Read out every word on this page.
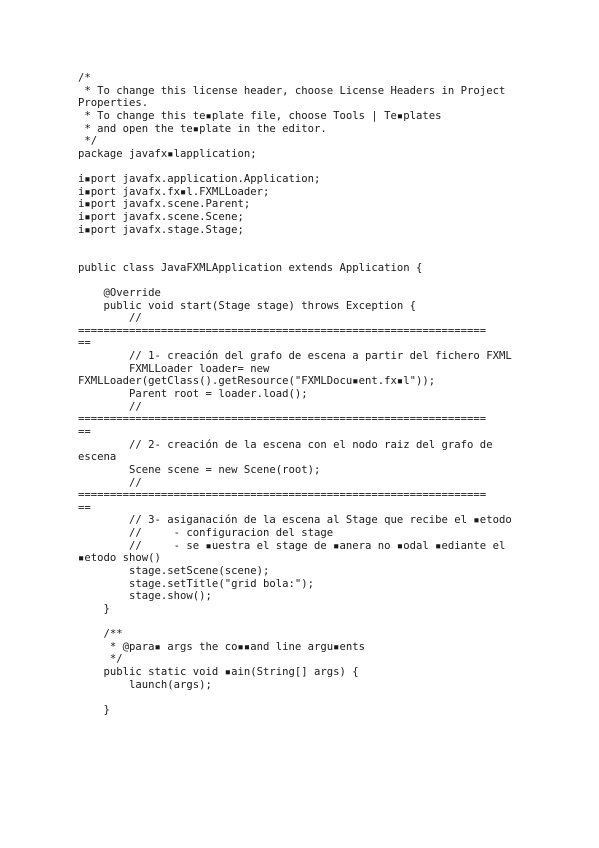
/*
* To change this license header, choose License Headers in Project
Properties.
* To change this te▪plate file, choose Tools | Te▪plates
* and open the te▪plate in the editor.
*/
package javafx▪lapplication;
i▪port javafx.application.Application;
i▪port javafx.fx▪l.FXMLLoader;
i▪port javafx.scene.Parent;
i▪port javafx.scene.Scene;
i▪port javafx.stage.Stage;
public class JavaFXMLApplication extends Application {
@Override
public void start(Stage stage) throws Exception {
//
================================================================
==
// 1- creación del grafo de escena a partir del fichero FXML
FXMLLoader loader= new
FXMLLoader(getClass().getResource("FXMLDocu▪ent.fx▪l"));
Parent root = loader.load();
//
================================================================
==
// 2- creación de la escena con el nodo raiz del grafo de
escena
Scene scene = new Scene(root);
//
================================================================
==
// 3- asiganación de la escena al Stage que recibe el ▪etodo
//     - configuracion del stage
//     - se ▪uestra el stage de ▪anera no ▪odal ▪ediante el
▪etodo show()
stage.setScene(scene);
stage.setTitle("grid bola:");
stage.show();
}
/**
* @para▪ args the co▪▪and line argu▪ents
*/
public static void ▪ain(String[] args) {
launch(args);
}
